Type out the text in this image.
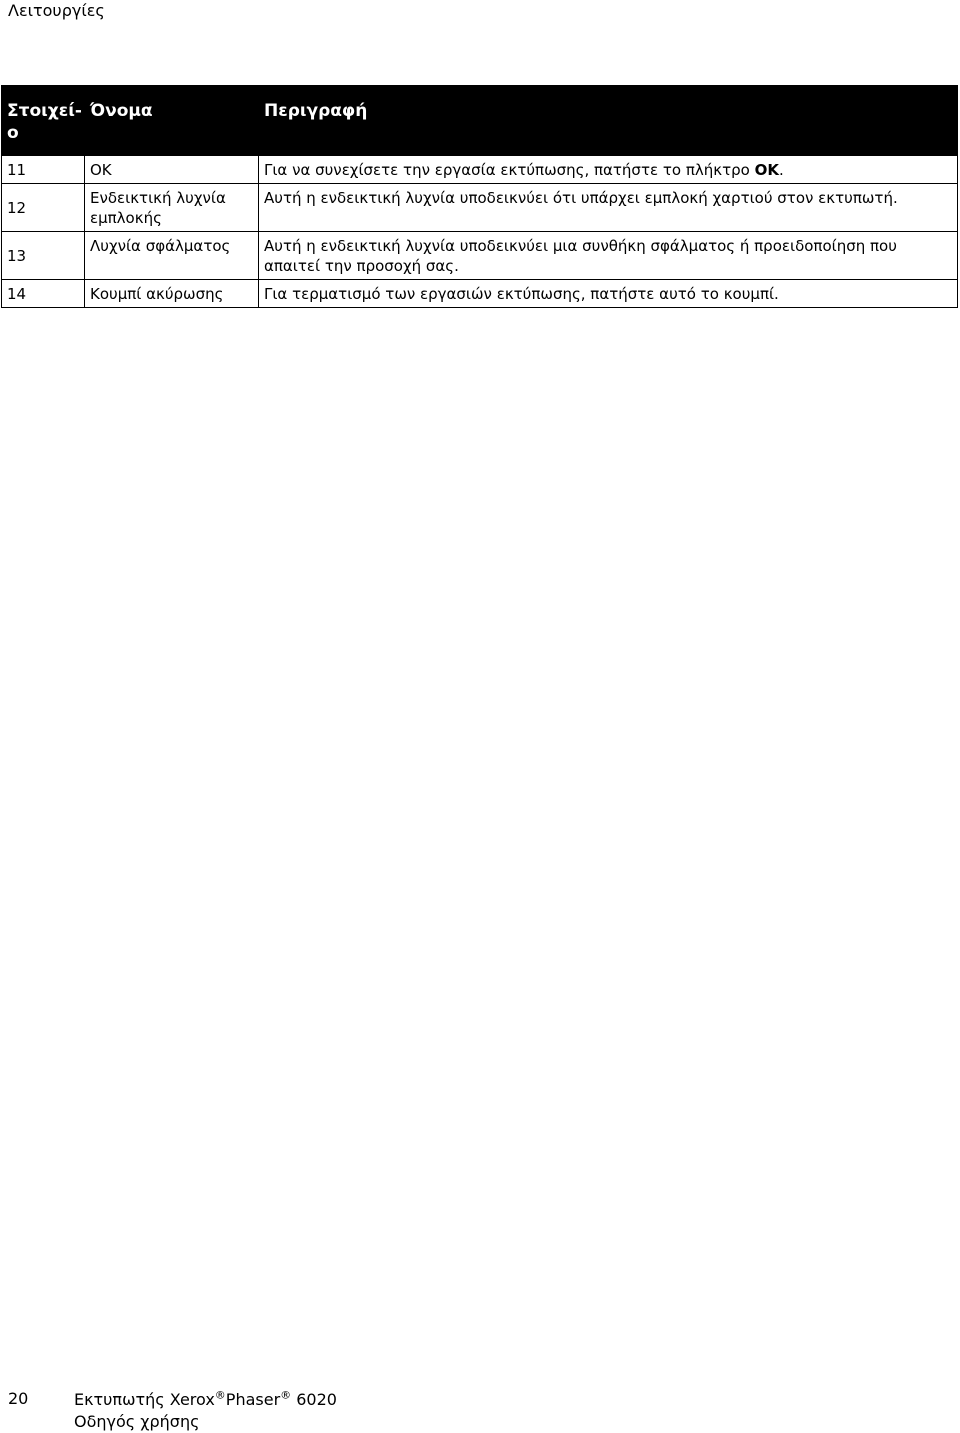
Λειτουργίες
Στοιχείo	Όνομα	Περιγραφή
11	OK	Για να συνεχίσετε την εργασία εκτύπωσης, πατήστε το πλήκτρο OK.
12	Ενδεικτική λυχνία εμπλοκής	Αυτή η ενδεικτική λυχνία υποδεικνύει ότι υπάρχει εμπλοκή χαρτιού στον εκτυπωτή.
13	Λυχνία σφάλματος	Αυτή η ενδεικτική λυχνία υποδεικνύει μια συνθήκη σφάλματος ή προειδοποίηση που απαιτεί την προσοχή σας.
14	Κουμπί ακύρωσης	Για τερματισμό των εργασιών εκτύπωσης, πατήστε αυτό το κουμπί.
20	Εκτυπωτής Xerox®Phaser® 6020
Οδηγός χρήσης
